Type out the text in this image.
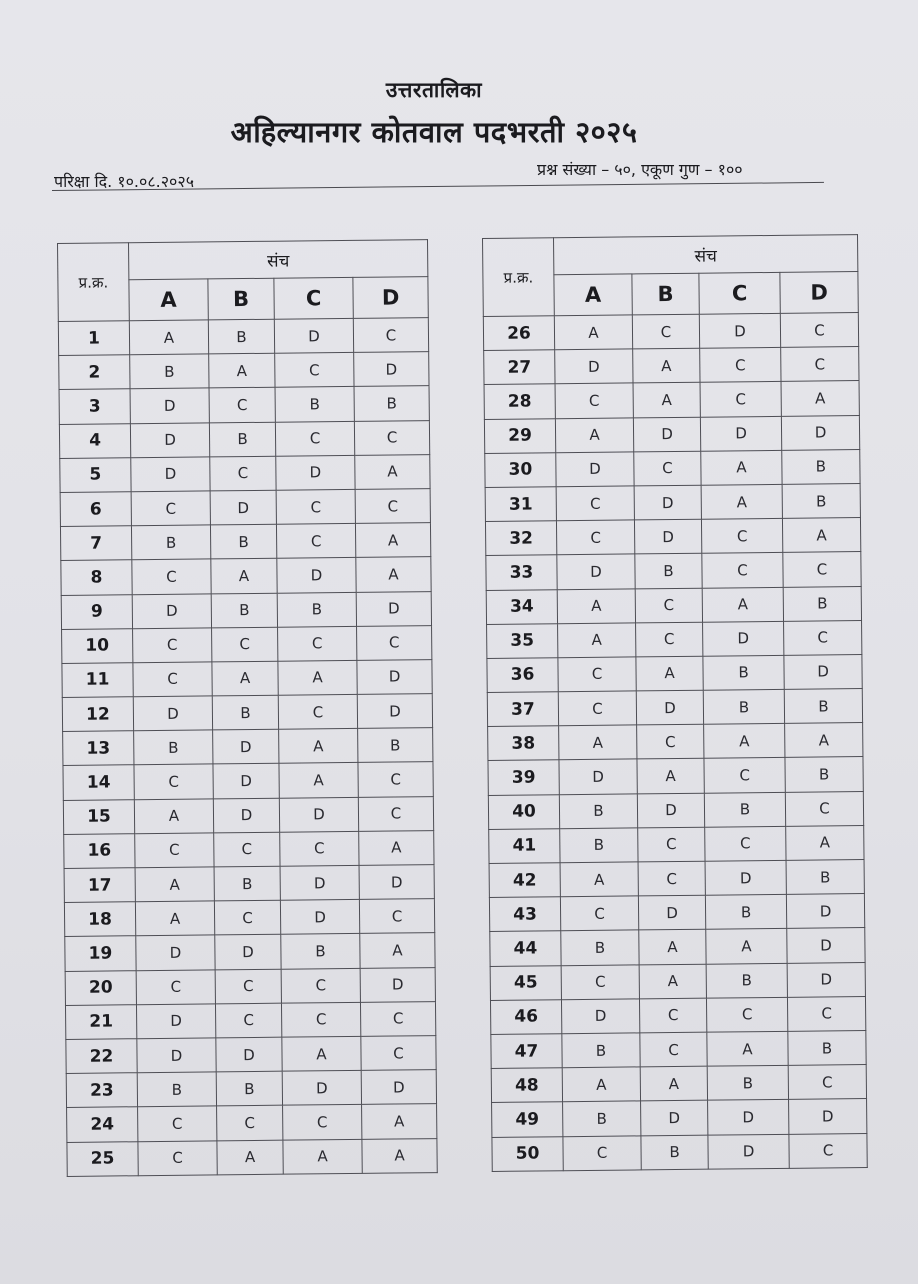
उत्तरतालिका
अहिल्यानगर कोतवाल पदभरती २०२५
परिक्षा दि. १०.०८.२०२५
प्रश्न संख्या – ५०, एकूण गुण – १००
प्र.क्र.	संच			
	A	B	C	D
1	A	B	D	C
2	B	A	C	D
3	D	C	B	B
4	D	B	C	C
5	D	C	D	A
6	C	D	C	C
7	B	B	C	A
8	C	A	D	A
9	D	B	B	D
10	C	C	C	C
11	C	A	A	D
12	D	B	C	D
13	B	D	A	B
14	C	D	A	C
15	A	D	D	C
16	C	C	C	A
17	A	B	D	D
18	A	C	D	C
19	D	D	B	A
20	C	C	C	D
21	D	C	C	C
22	D	D	A	C
23	B	B	D	D
24	C	C	C	A
25	C	A	A	A
प्र.क्र.	संच			
	A	B	C	D
26	A	C	D	C
27	D	A	C	C
28	C	A	C	A
29	A	D	D	D
30	D	C	A	B
31	C	D	A	B
32	C	D	C	A
33	D	B	C	C
34	A	C	A	B
35	A	C	D	C
36	C	A	B	D
37	C	D	B	B
38	A	C	A	A
39	D	A	C	B
40	B	D	B	C
41	B	C	C	A
42	A	C	D	B
43	C	D	B	D
44	B	A	A	D
45	C	A	B	D
46	D	C	C	C
47	B	C	A	B
48	A	A	B	C
49	B	D	D	D
50	C	B	D	C
